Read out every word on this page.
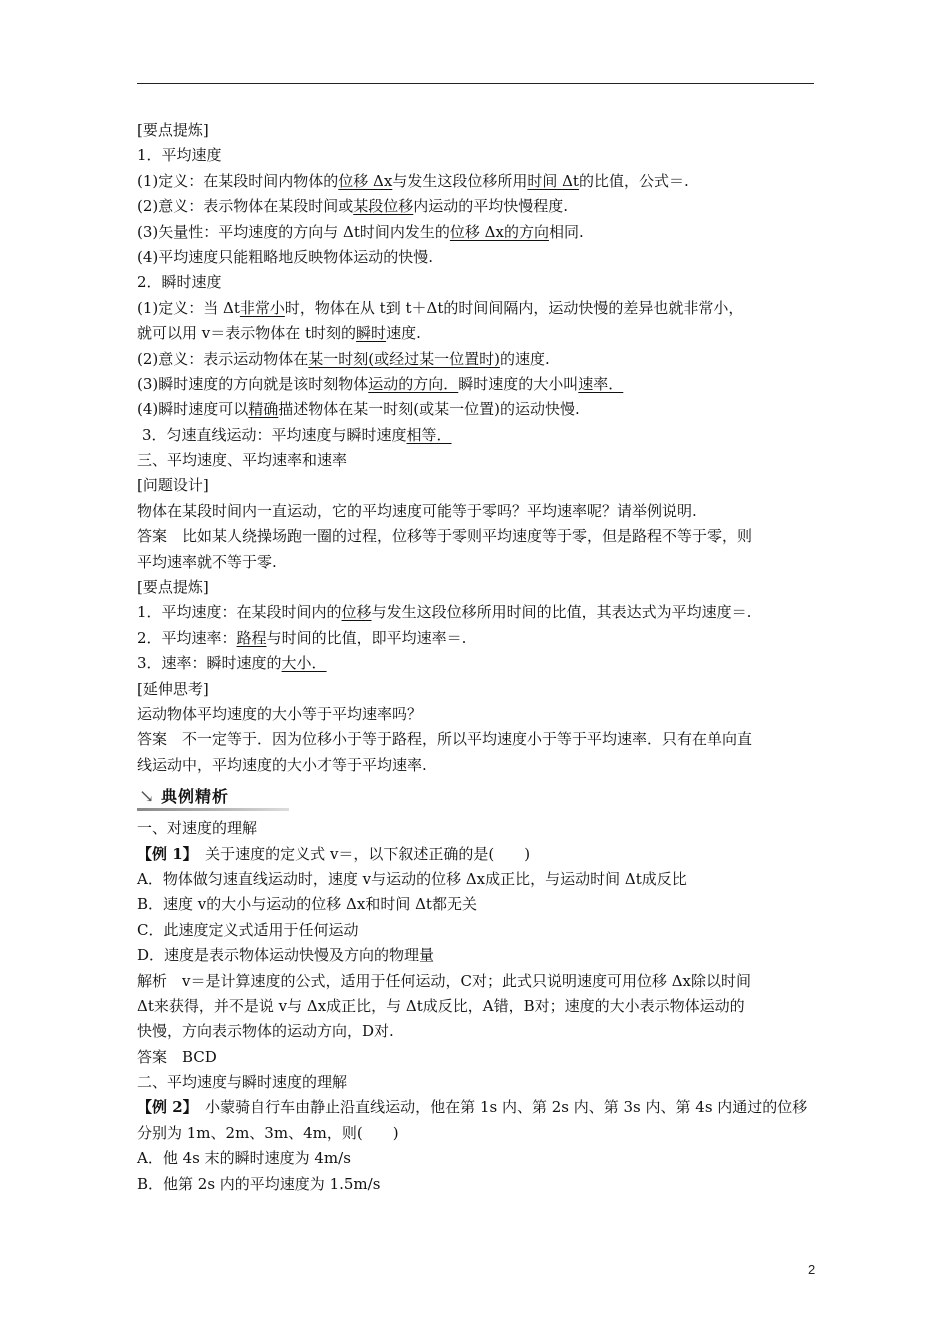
[要点提炼]
1．平均速度
(1)定义：在某段时间内物体的位移 Δx与发生这段位移所用时间 Δt的比值，公式＝.
(2)意义：表示物体在某段时间或某段位移内运动的平均快慢程度.
(3)矢量性：平均速度的方向与 Δt时间内发生的位移 Δx的方向相同.
(4)平均速度只能粗略地反映物体运动的快慢.
2．瞬时速度
(1)定义：当 Δt非常小时，物体在从 t到 t＋Δt的时间间隔内，运动快慢的差异也就非常小，
就可以用 v＝表示物体在 t时刻的瞬时速度.
(2)意义：表示运动物体在某一时刻(或经过某一位置时)的速度.
(3)瞬时速度的方向就是该时刻物体运动的方向．瞬时速度的大小叫速率．
(4)瞬时速度可以精确描述物体在某一时刻(或某一位置)的运动快慢.
3．匀速直线运动：平均速度与瞬时速度相等．
三、平均速度、平均速率和速率
[问题设计]
物体在某段时间内一直运动，它的平均速度可能等于零吗？平均速率呢？请举例说明.
答案　比如某人绕操场跑一圈的过程，位移等于零则平均速度等于零，但是路程不等于零，则
平均速率就不等于零.
[要点提炼]
1．平均速度：在某段时间内的位移与发生这段位移所用时间的比值，其表达式为平均速度＝.
2．平均速率：路程与时间的比值，即平均速率＝.
3．速率：瞬时速度的大小．
[延伸思考]
运动物体平均速度的大小等于平均速率吗？
答案　不一定等于．因为位移小于等于路程，所以平均速度小于等于平均速率．只有在单向直
线运动中，平均速度的大小才等于平均速率.
↘ 典例精析
一、对速度的理解
【例 1】　关于速度的定义式 v＝，以下叙述正确的是(　　)
A．物体做匀速直线运动时，速度 v与运动的位移 Δx成正比，与运动时间 Δt成反比
B．速度 v的大小与运动的位移 Δx和时间 Δt都无关
C．此速度定义式适用于任何运动
D．速度是表示物体运动快慢及方向的物理量
解析　v＝是计算速度的公式，适用于任何运动，C对；此式只说明速度可用位移 Δx除以时间
Δt来获得，并不是说 v与 Δx成正比，与 Δt成反比，A错，B对；速度的大小表示物体运动的
快慢，方向表示物体的运动方向，D对.
答案　BCD
二、平均速度与瞬时速度的理解
【例 2】　小蒙骑自行车由静止沿直线运动，他在第 1s 内、第 2s 内、第 3s 内、第 4s 内通过的位移
分别为 1m、2m、3m、4m，则(　　)
A．他 4s 末的瞬时速度为 4m/s
B．他第 2s 内的平均速度为 1.5m/s
2
